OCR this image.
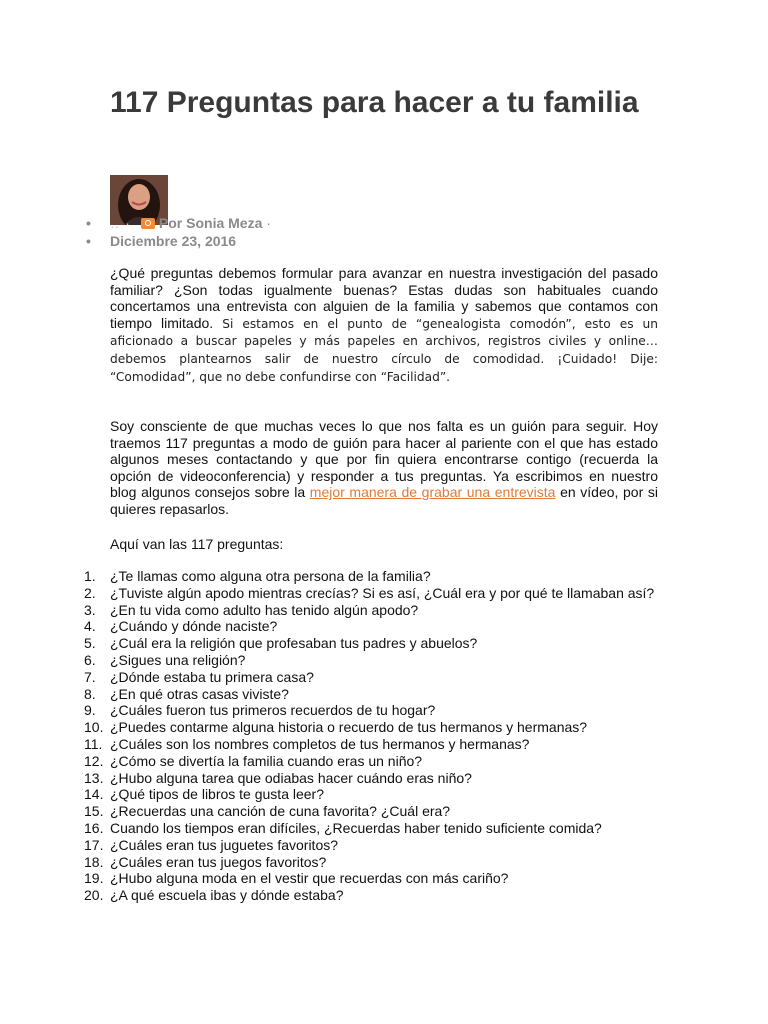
117 Preguntas para hacer a tu familia
• ‥ · Por Sonia Meza ·
• Diciembre 23, 2016

¿Qué preguntas debemos formular para avanzar en nuestra investigación del pasado familiar? ¿Son todas igualmente buenas? Estas dudas son habituales cuando concertamos una entrevista con alguien de la familia y sabemos que contamos con tiempo limitado. Si estamos en el punto de “genealogista comodón”, esto es un aficionado a buscar papeles y más papeles en archivos, registros civiles y online… debemos plantearnos salir de nuestro círculo de comodidad. ¡Cuidado! Dije: “Comodidad”, que no debe confundirse con “Facilidad”.

Soy consciente de que muchas veces lo que nos falta es un guión para seguir. Hoy traemos 117 preguntas a modo de guión para hacer al pariente con el que has estado algunos meses contactando y que por fin quiera encontrarse contigo (recuerda la opción de videoconferencia) y responder a tus preguntas. Ya escribimos en nuestro blog algunos consejos sobre la mejor manera de grabar una entrevista en vídeo, por si quieres repasarlos.

Aquí van las 117 preguntas:

1.	¿Te llamas como alguna otra persona de la familia?
2.	¿Tuviste algún apodo mientras crecías? Si es así, ¿Cuál era y por qué te llamaban así?
3.	¿En tu vida como adulto has tenido algún apodo?
4.	¿Cuándo y dónde naciste?
5.	¿Cuál era la religión que profesaban tus padres y abuelos?
6.	¿Sigues una religión?
7.	¿Dónde estaba tu primera casa?
8.	¿En qué otras casas viviste?
9.	¿Cuáles fueron tus primeros recuerdos de tu hogar?
10. ¿Puedes contarme alguna historia o recuerdo de tus hermanos y hermanas?
11. ¿Cuáles son los nombres completos de tus hermanos y hermanas?
12. ¿Cómo se divertía la familia cuando eras un niño?
13. ¿Hubo alguna tarea que odiabas hacer cuándo eras niño?
14. ¿Qué tipos de libros te gusta leer?
15. ¿Recuerdas una canción de cuna favorita? ¿Cuál era?
16. Cuando los tiempos eran difíciles, ¿Recuerdas haber tenido suficiente comida?
17. ¿Cuáles eran tus juguetes favoritos?
18. ¿Cuáles eran tus juegos favoritos?
19. ¿Hubo alguna moda en el vestir que recuerdas con más cariño?
20. ¿A qué escuela ibas y dónde estaba?
